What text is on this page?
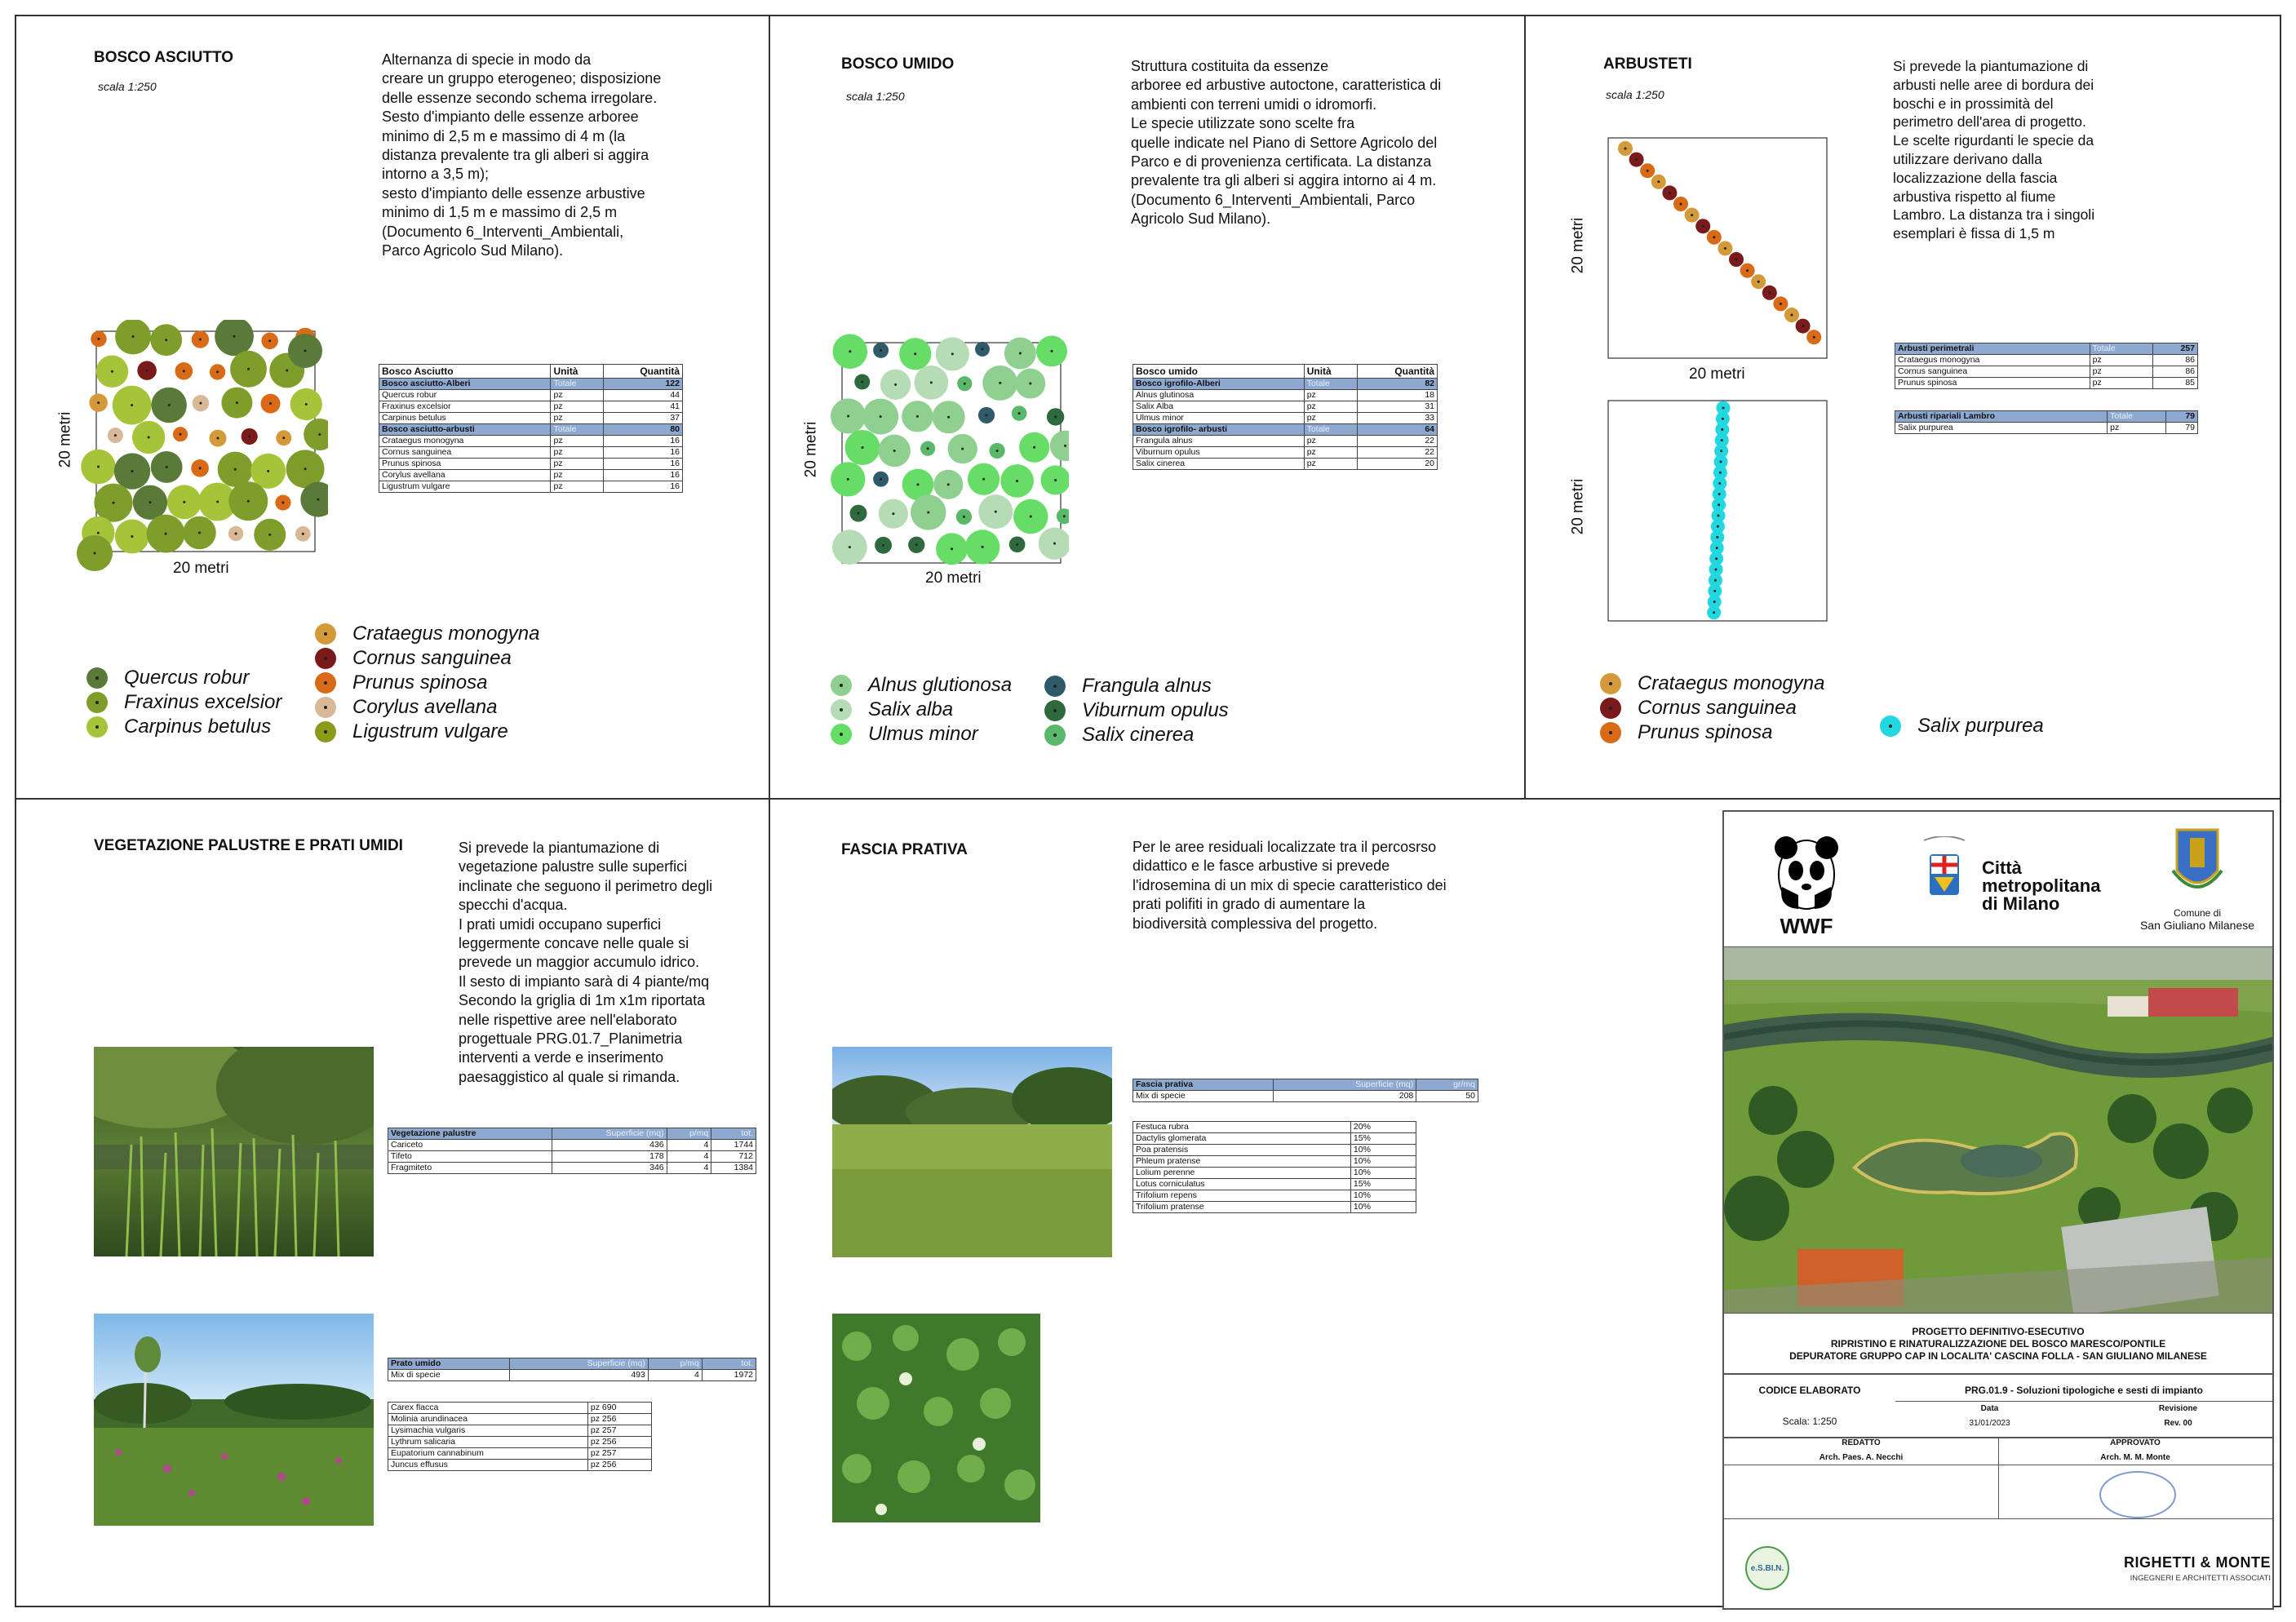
BOSCO ASCIUTTO
scala 1:250
Alternanza di specie in modo da
creare un gruppo eterogeneo; disposizione
delle essenze secondo schema irregolare.
Sesto d'impianto delle essenze arboree
minimo di 2,5 m e massimo di 4 m (la
distanza prevalente tra gli alberi si aggira
intorno a 3,5 m);
sesto d'impianto delle essenze arbustive
minimo di 1,5 m e massimo di 2,5 m
(Documento 6_Interventi_Ambientali,
Parco Agricolo Sud Milano).
20 metri
20 metri
Bosco Asciutto	Unità	Quantità
Bosco asciutto-Alberi	Totale	122
Quercus robur	pz	44
Fraxinus excelsior	pz	41
Carpinus betulus	pz	37
Bosco asciutto-arbusti	Totale	80
Crataegus monogyna	pz	16
Cornus sanguinea	pz	16
Prunus spinosa	pz	16
Corylus avellana	pz	16
Ligustrum vulgare	pz	16
Quercus robur
Fraxinus excelsior
Carpinus betulus
Crataegus monogyna
Cornus sanguinea
Prunus spinosa
Corylus avellana
Ligustrum vulgare
BOSCO UMIDO
scala 1:250
Struttura costituita da essenze
arboree ed arbustive autoctone, caratteristica di
ambienti con terreni umidi o idromorfi.
Le specie utilizzate sono scelte fra
quelle indicate nel Piano di Settore Agricolo del
Parco e di provenienza certificata. La distanza
prevalente tra gli alberi si aggira intorno ai 4 m.
(Documento 6_Interventi_Ambientali, Parco
Agricolo Sud Milano).
20 metri
20 metri
Bosco umido	Unità	Quantità
Bosco igrofilo-Alberi	Totale	82
Alnus glutinosa	pz	18
Salix Alba	pz	31
Ulmus minor	pz	33
Bosco igrofilo- arbusti	Totale	64
Frangula alnus	pz	22
Viburnum opulus	pz	22
Salix cinerea	pz	20
Alnus glutionosa
Salix alba
Ulmus minor
Frangula alnus
Viburnum opulus
Salix cinerea
ARBUSTETI
scala 1:250
Si prevede la piantumazione di
arbusti nelle aree di bordura dei
boschi e in prossimità del
perimetro dell'area di progetto.
Le scelte rigurdanti le specie da
utilizzare derivano dalla
localizzazione della fascia
arbustiva rispetto al fiume
Lambro. La distanza tra i singoli
esemplari è fissa di 1,5 m
20 metri
20 metri
20 metri
Arbusti perimetrali	Totale	257
Crataegus monogyna	pz	86
Cornus sanguinea	pz	86
Prunus spinosa	pz	85
Arbusti ripariali Lambro	Totale	79
Salix purpurea	pz	79
Crataegus monogyna
Cornus sanguinea
Prunus spinosa	Salix purpurea
VEGETAZIONE PALUSTRE E PRATI UMIDI	Si prevede la piantumazione di
vegetazione palustre sulle superfici
inclinate che seguono il perimetro degli
specchi d'acqua.
I prati umidi occupano superfici
leggermente concave nelle quale si
prevede un maggior accumulo idrico.
Il sesto di impianto sarà di 4 piante/mq
Secondo la griglia di 1m x1m riportata
nelle rispettive aree nell'elaborato
progettuale PRG.01.7_Planimetria
interventi a verde e inserimento
paesaggistico al quale si rimanda.
Vegetazione palustre	Superficie (mq)	p/mq	tot.
Cariceto	436	4	1744
Tifeto	178	4	712
Fragmiteto	346	4	1384
Prato umido	Superficie (mq)	p/mq	tot.
Mix di specie	493	4	1972
Carex flacca	pz 690
Molinia arundinacea	pz 256
Lysimachia vulgaris	pz 257
Lythrum salicaria	pz 256
Eupatorium cannabinum	pz 257
Juncus effusus	pz 256
FASCIA PRATIVA	Per le aree residuali localizzate tra il percosrso
didattico e le fasce arbustive si prevede
l'idrosemina di un mix di specie caratteristico dei
prati polifiti in grado di aumentare la
biodiversità complessiva del progetto.
Fascia prativa	Superficie (mq)	gr/mq
Mix di specie	208	50
Festuca rubra	20%
Dactylis glomerata	15%
Poa pratensis	10%
Phleum pratense	10%
Lolium perenne	10%
Lotus corniculatus	15%
Trifolium repens	10%
Trifolium pratense	10%
WWF
Città
metropolitana
di Milano	Comune di
San Giuliano Milanese
PROGETTO DEFINITIVO-ESECUTIVO
RIPRISTINO E RINATURALIZZAZIONE DEL BOSCO MARESCO/PONTILE
DEPURATORE GRUPPO CAP IN LOCALITA' CASCINA FOLLA - SAN GIULIANO MILANESE
CODICE ELABORATO	PRG.01.9 - Soluzioni tipologiche e sesti di impianto
Scala: 1:250
Data	Revisione
31/01/2023	Rev. 00
REDATTO	APPROVATO
Arch. Paes. A. Necchi	Arch. M. M. Monte
e.S.BI.N.	RIGHETTI & MONTE
INGEGNERI E ARCHITETTI ASSOCIATI
